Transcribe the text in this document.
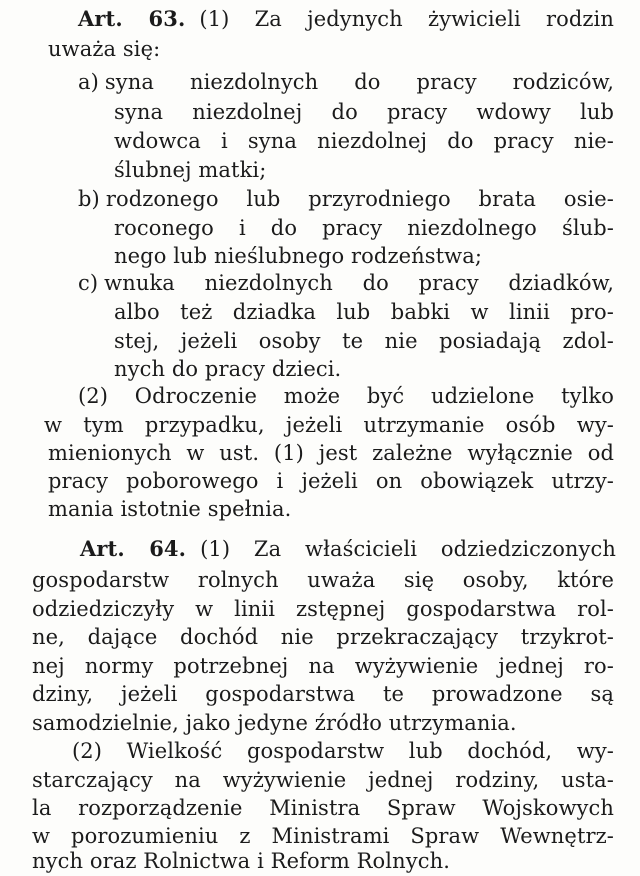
Art. 63. (1) Za jedynych żywicieli rodzin
uważa się:
a) syna niezdolnych do pracy rodziców,
syna niezdolnej do pracy wdowy lub
wdowca i syna niezdolnej do pracy nie-
ślubnej matki;
b) rodzonego lub przyrodniego brata osie-
roconego i do pracy niezdolnego ślub-
nego lub nieślubnego rodzeństwa;
c) wnuka niezdolnych do pracy dziadków,
albo też dziadka lub babki w linii pro-
stej, jeżeli osoby te nie posiadają zdol-
nych do pracy dzieci.
(2) Odroczenie może być udzielone tylko
w tym przypadku, jeżeli utrzymanie osób wy-
mienionych w ust. (1) jest zależne wyłącznie od
pracy poborowego i jeżeli on obowiązek utrzy-
mania istotnie spełnia.
Art. 64. (1) Za właścicieli odziedziczonych
gospodarstw rolnych uważa się osoby, które
odziedziczyły w linii zstępnej gospodarstwa rol-
ne, dające dochód nie przekraczający trzykrot-
nej normy potrzebnej na wyżywienie jednej ro-
dziny, jeżeli gospodarstwa te prowadzone są
samodzielnie, jako jedyne źródło utrzymania.
(2) Wielkość gospodarstw lub dochód, wy-
starczający na wyżywienie jednej rodziny, usta-
la rozporządzenie Ministra Spraw Wojskowych
w porozumieniu z Ministrami Spraw Wewnętrz-
nych oraz Rolnictwa i Reform Rolnych.
